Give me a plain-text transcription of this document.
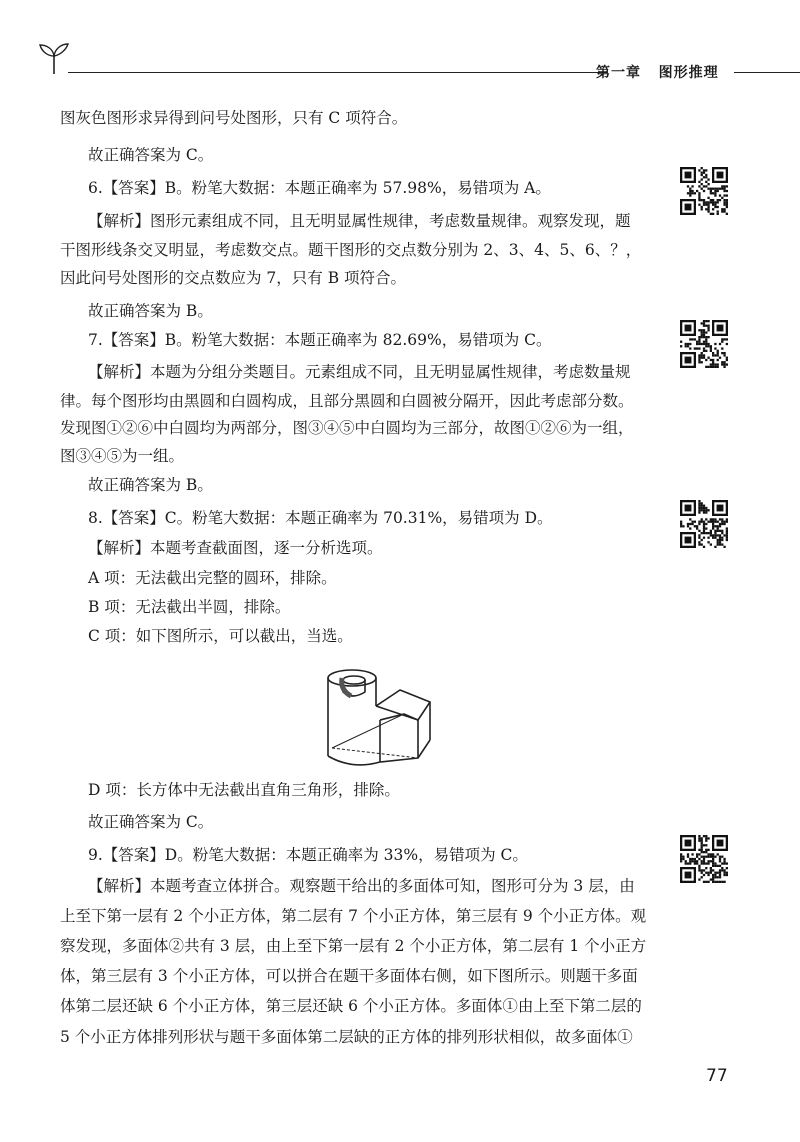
第一章 图形推理
图灰色图形求异得到问号处图形，只有 C 项符合。
故正确答案为 C。
6.【答案】B。粉笔大数据：本题正确率为 57.98%，易错项为 A。
【解析】图形元素组成不同，且无明显属性规律，考虑数量规律。观察发现，题
干图形线条交叉明显，考虑数交点。题干图形的交点数分别为 2、3、4、5、6、？，
因此问号处图形的交点数应为 7，只有 B 项符合。
故正确答案为 B。
7.【答案】B。粉笔大数据：本题正确率为 82.69%，易错项为 C。
【解析】本题为分组分类题目。元素组成不同，且无明显属性规律，考虑数量规
律。每个图形均由黑圆和白圆构成，且部分黑圆和白圆被分隔开，因此考虑部分数。
发现图①②⑥中白圆均为两部分，图③④⑤中白圆均为三部分，故图①②⑥为一组，
图③④⑤为一组。
故正确答案为 B。
8.【答案】C。粉笔大数据：本题正确率为 70.31%，易错项为 D。
【解析】本题考查截面图，逐一分析选项。
A 项：无法截出完整的圆环，排除。
B 项：无法截出半圆，排除。
C 项：如下图所示，可以截出，当选。
D 项：长方体中无法截出直角三角形，排除。
故正确答案为 C。
9.【答案】D。粉笔大数据：本题正确率为 33%，易错项为 C。
【解析】本题考查立体拼合。观察题干给出的多面体可知，图形可分为 3 层，由
上至下第一层有 2 个小正方体，第二层有 7 个小正方体，第三层有 9 个小正方体。观
察发现，多面体②共有 3 层，由上至下第一层有 2 个小正方体，第二层有 1 个小正方
体，第三层有 3 个小正方体，可以拼合在题干多面体右侧，如下图所示。则题干多面
体第二层还缺 6 个小正方体，第三层还缺 6 个小正方体。多面体①由上至下第二层的
5 个小正方体排列形状与题干多面体第二层缺的正方体的排列形状相似，故多面体①
77
